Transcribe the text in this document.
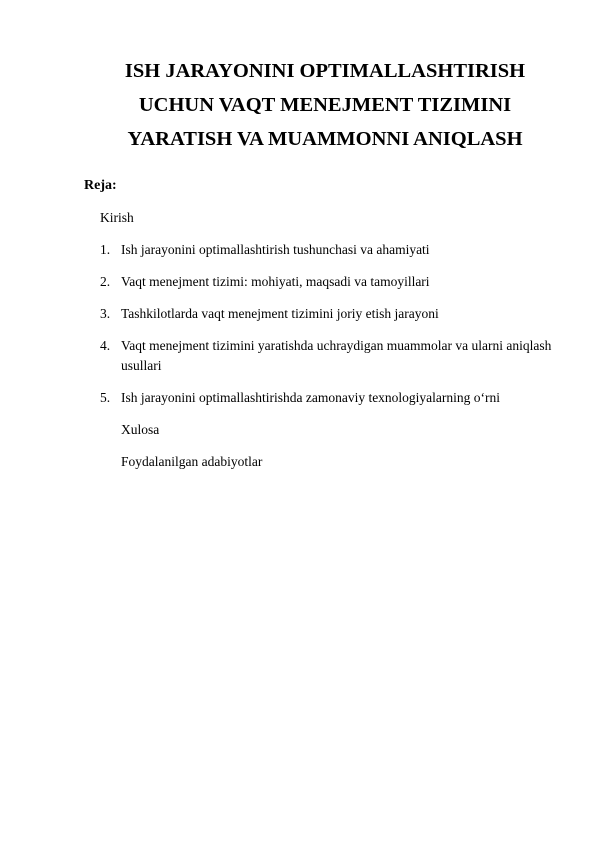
ISH JARAYONINI OPTIMALLASHTIRISH
UCHUN VAQT MENEJMENT TIZIMINI
YARATISH VA MUAMMONNI ANIQLASH

Reja:

Kirish
1. Ish jarayonini optimallashtirish tushunchasi va ahamiyati
2. Vaqt menejment tizimi: mohiyati, maqsadi va tamoyillari
3. Tashkilotlarda vaqt menejment tizimini joriy etish jarayoni
4. Vaqt menejment tizimini yaratishda uchraydigan muammolar va ularni aniqlash usullari
5. Ish jarayonini optimallashtirishda zamonaviy texnologiyalarning o‘rni
Xulosa
Foydalanilgan adabiyotlar
